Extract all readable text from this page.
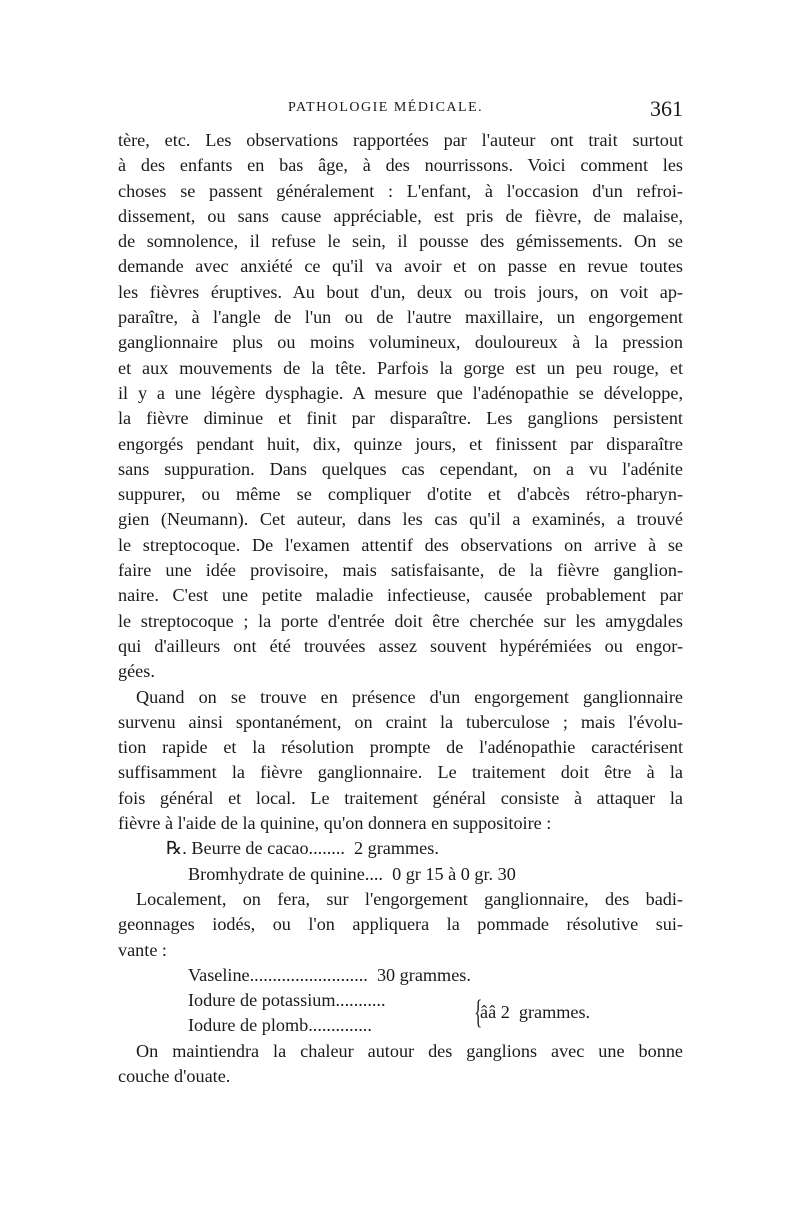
PATHOLOGIE MÉDICALE.	361
tère, etc. Les observations rapportées par l'auteur ont trait surtout
à des enfants en bas âge, à des nourrissons. Voici comment les
choses se passent généralement : L'enfant, à l'occasion d'un refroi-
dissement, ou sans cause appréciable, est pris de fièvre, de malaise,
de somnolence, il refuse le sein, il pousse des gémissements. On se
demande avec anxiété ce qu'il va avoir et on passe en revue toutes
les fièvres éruptives. Au bout d'un, deux ou trois jours, on voit ap-
paraître, à l'angle de l'un ou de l'autre maxillaire, un engorgement
ganglionnaire plus ou moins volumineux, douloureux à la pression
et aux mouvements de la tête. Parfois la gorge est un peu rouge, et
il y a une légère dysphagie. A mesure que l'adénopathie se développe,
la fièvre diminue et finit par disparaître. Les ganglions persistent
engorgés pendant huit, dix, quinze jours, et finissent par disparaître
sans suppuration. Dans quelques cas cependant, on a vu l'adénite
suppurer, ou même se compliquer d'otite et d'abcès rétro-pharyn-
gien (Neumann). Cet auteur, dans les cas qu'il a examinés, a trouvé
le streptocoque. De l'examen attentif des observations on arrive à se
faire une idée provisoire, mais satisfaisante, de la fièvre ganglion-
naire. C'est une petite maladie infectieuse, causée probablement par
le streptocoque ; la porte d'entrée doit être cherchée sur les amygdales
qui d'ailleurs ont été trouvées assez souvent hypérémiées ou engor-
gées.
Quand on se trouve en présence d'un engorgement ganglionnaire
survenu ainsi spontanément, on craint la tuberculose ; mais l'évolu-
tion rapide et la résolution prompte de l'adénopathie caractérisent
suffisamment la fièvre ganglionnaire. Le traitement doit être à la
fois général et local. Le traitement général consiste à attaquer la
fièvre à l'aide de la quinine, qu'on donnera en suppositoire :
℞. Beurre de cacao........ 2 grammes.
Bromhydrate de quinine.... 0 gr 15 à 0 gr. 30
Localement, on fera, sur l'engorgement ganglionnaire, des badi-
geonnages iodés, ou l'on appliquera la pommade résolutive sui-
vante :
Vaseline.......................... 30 grammes.
Iodure de potassium...........
Iodure de plomb..............	{
ââ 2  grammes.
On maintiendra la chaleur autour des ganglions avec une bonne
couche d'ouate.
